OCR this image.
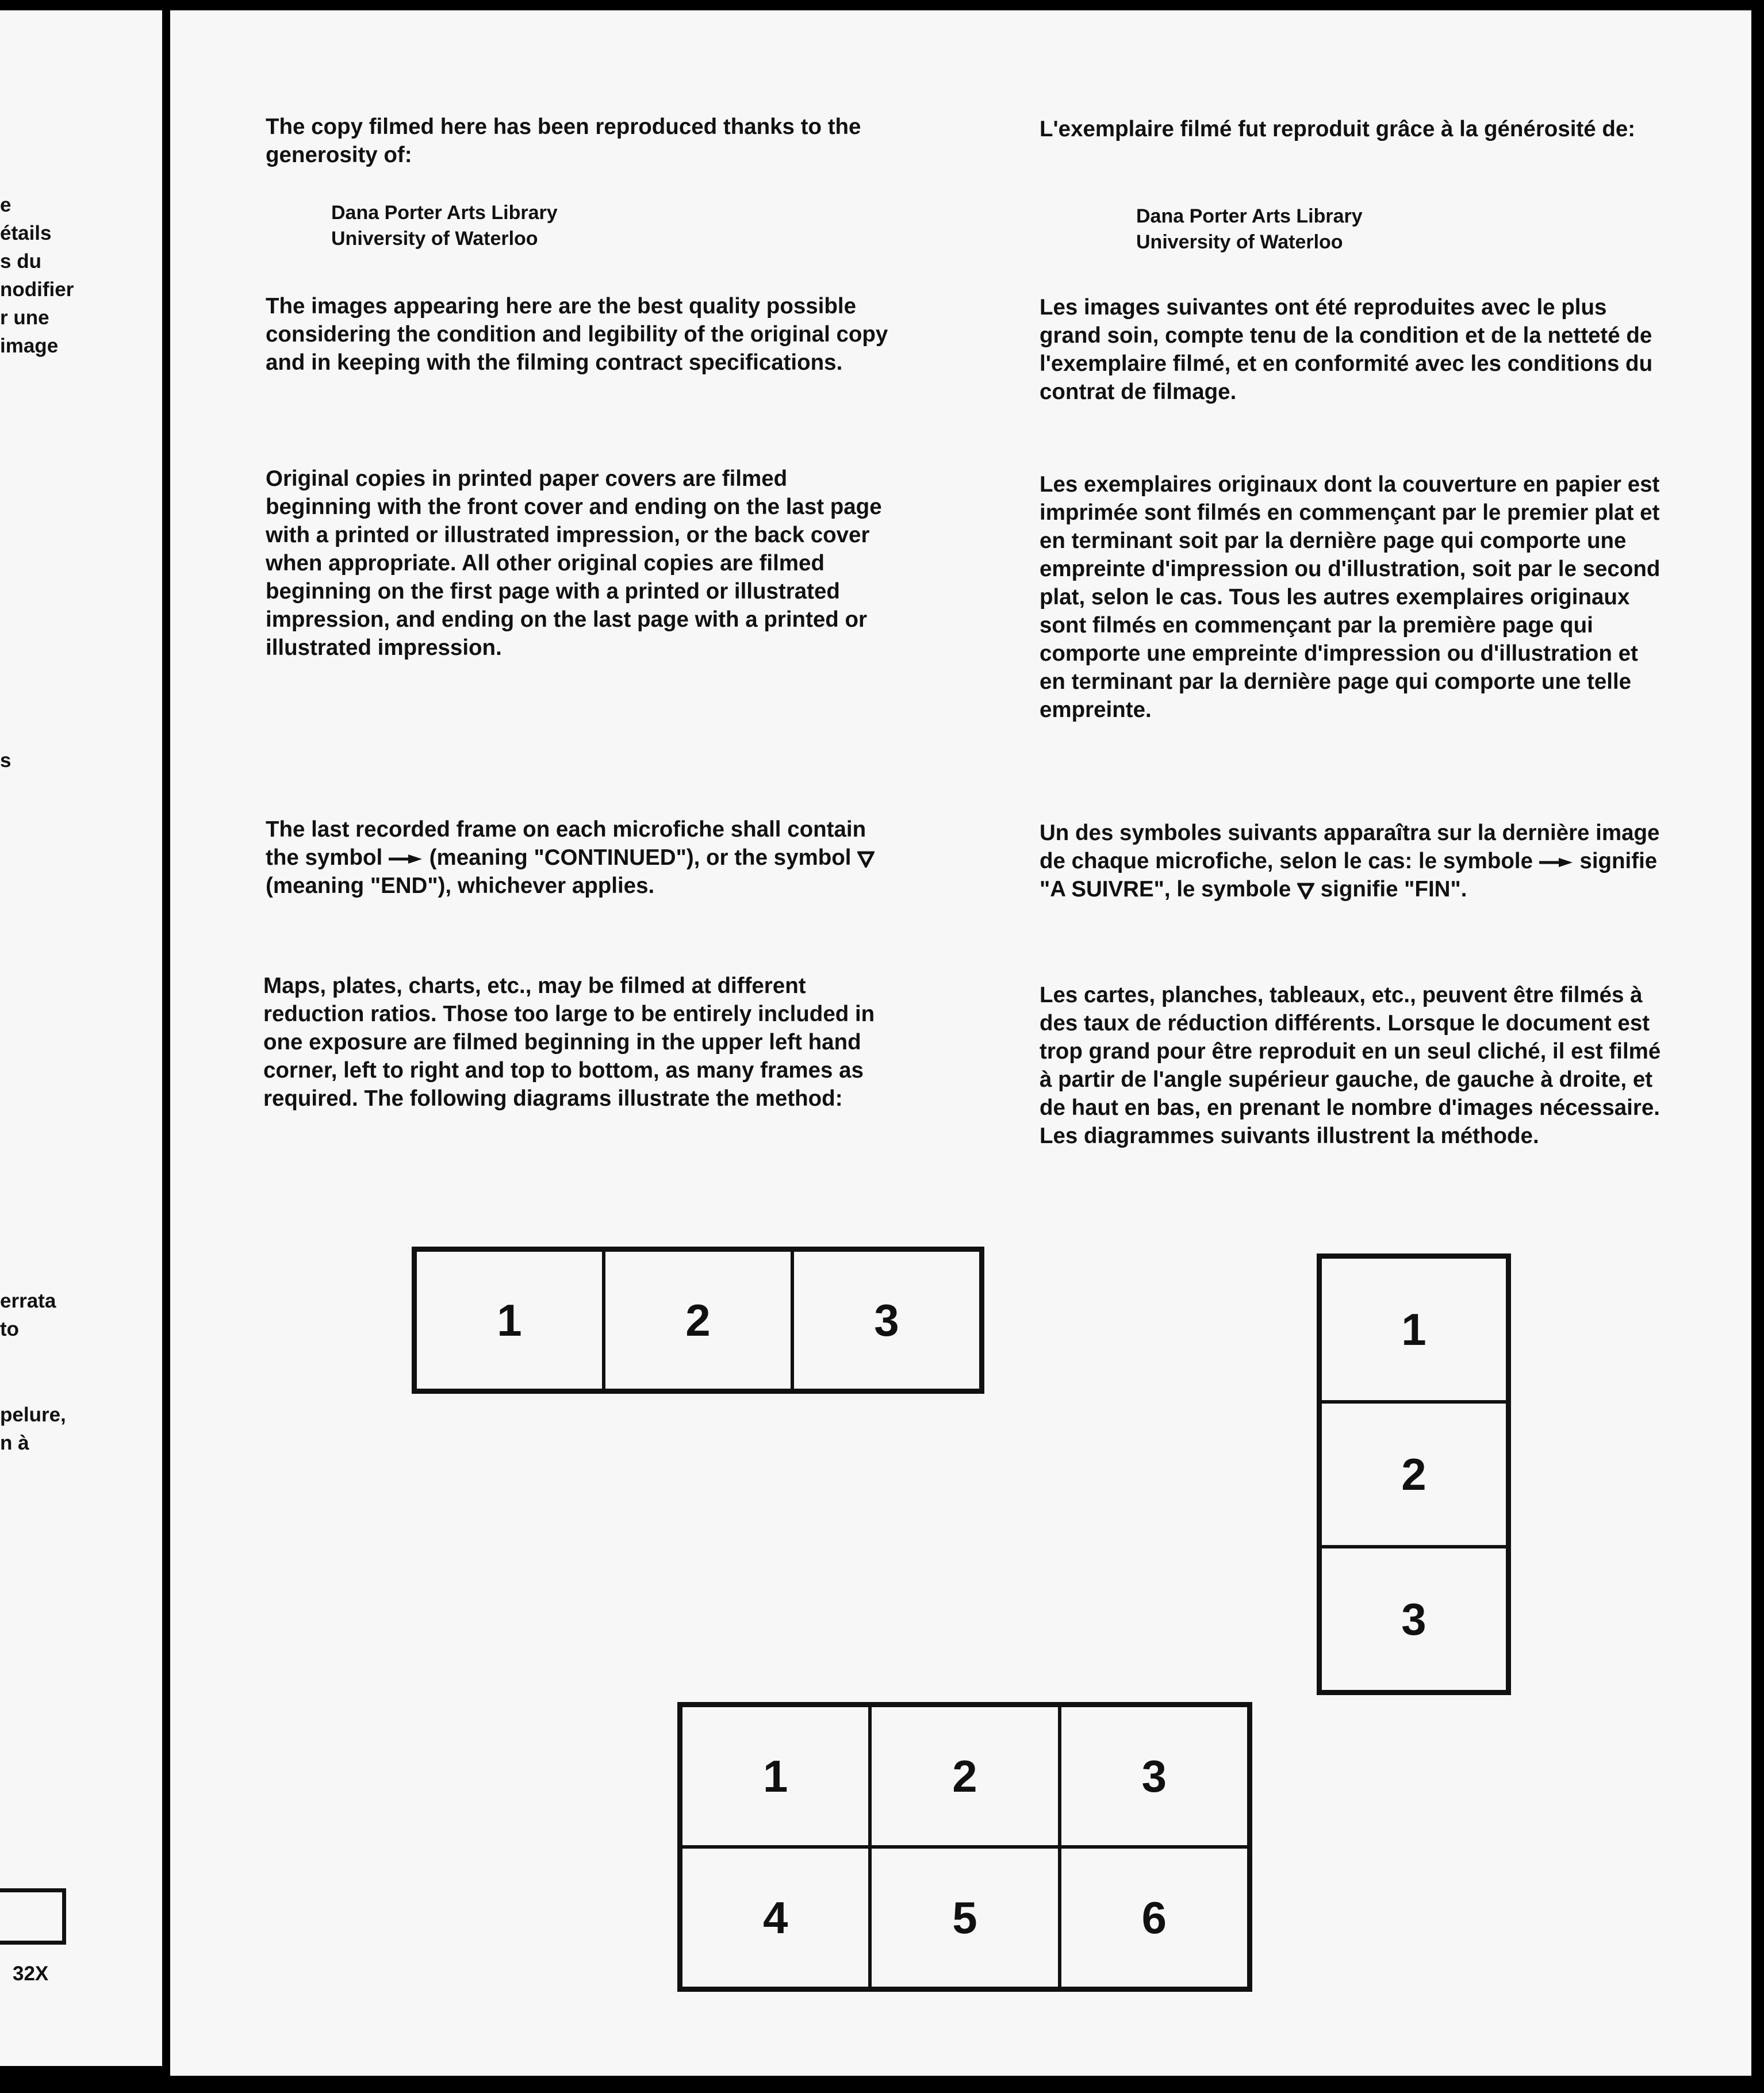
e
étails
s du
nodifier
r une
image
s
errata
to
pelure,
n à
32X
The copy filmed here has been reproduced thanks to the generosity of:
Dana Porter Arts Library
University of Waterloo
The images appearing here are the best quality possible considering the condition and legibility of the original copy and in keeping with the filming contract specifications.
Original copies in printed paper covers are filmed beginning with the front cover and ending on the last page with a printed or illustrated impression, or the back cover when appropriate. All other original copies are filmed beginning on the first page with a printed or illustrated impression, and ending on the last page with a printed or illustrated impression.
The last recorded frame on each microfiche shall contain the symbol  (meaning "CONTINUED"), or the symbol  (meaning "END"), whichever applies.
Maps, plates, charts, etc., may be filmed at different reduction ratios. Those too large to be entirely included in one exposure are filmed beginning in the upper left hand corner, left to right and top to bottom, as many frames as required. The following diagrams illustrate the method:
L'exemplaire filmé fut reproduit grâce à la générosité de:
Dana Porter Arts Library
University of Waterloo
Les images suivantes ont été reproduites avec le plus grand soin, compte tenu de la condition et de la netteté de l'exemplaire filmé, et en conformité avec les conditions du contrat de filmage.
Les exemplaires originaux dont la couverture en papier est imprimée sont filmés en commençant par le premier plat et en terminant soit par la dernière page qui comporte une empreinte d'impression ou d'illustration, soit par le second plat, selon le cas. Tous les autres exemplaires originaux sont filmés en commençant par la première page qui comporte une empreinte d'impression ou d'illustration et en terminant par la dernière page qui comporte une telle empreinte.
Un des symboles suivants apparaîtra sur la dernière image de chaque microfiche, selon le cas: le symbole  signifie "A SUIVRE", le symbole  signifie "FIN".
Les cartes, planches, tableaux, etc., peuvent être filmés à des taux de réduction différents. Lorsque le document est trop grand pour être reproduit en un seul cliché, il est filmé à partir de l'angle supérieur gauche, de gauche à droite, et de haut en bas, en prenant le nombre d'images nécessaire. Les diagrammes suivants illustrent la méthode.
1	2	3	1
2
3
1	2	3
4	5	6
